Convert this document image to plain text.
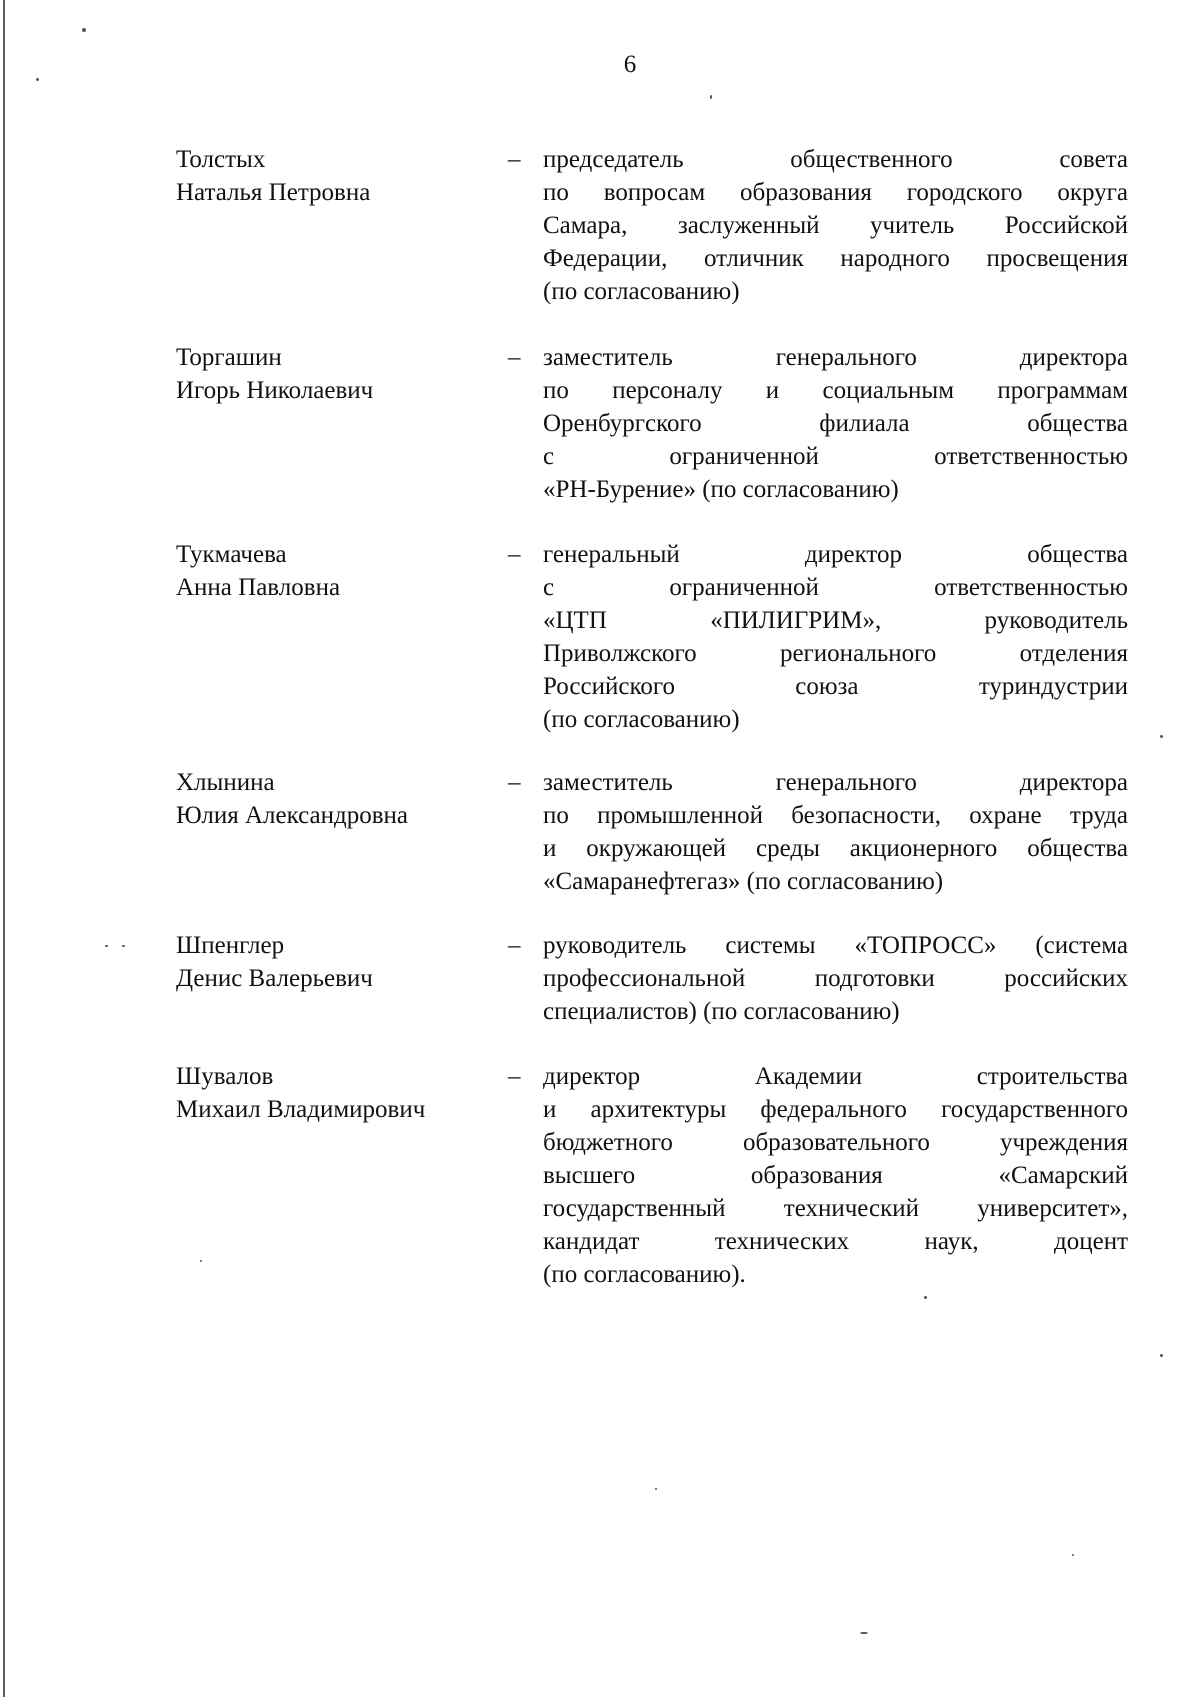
6
Толстых
Наталья Петровна
– председатель общественного совета
по вопросам образования городского округа
Самара, заслуженный учитель Российской
Федерации, отличник народного просвещения
(по согласованию)
Торгашин
Игорь Николаевич
– заместитель генерального директора
по персоналу и социальным программам
Оренбургского филиала общества
с ограниченной ответственностью
«РН-Бурение» (по согласованию)
Тукмачева
Анна Павловна
– генеральный директор общества
с ограниченной ответственностью
«ЦТП «ПИЛИГРИМ», руководитель
Приволжского регионального отделения
Российского союза туриндустрии
(по согласованию)
Хлынина
Юлия Александровна
– заместитель генерального директора
по промышленной безопасности, охране труда
и окружающей среды акционерного общества
«Самаранефтегаз» (по согласованию)
Шпенглер
Денис Валерьевич
– руководитель системы «ТОПРОСС» (система
профессиональной подготовки российских
специалистов) (по согласованию)
Шувалов
Михаил Владимирович
– директор Академии строительства
и архитектуры федерального государственного
бюджетного образовательного учреждения
высшего образования «Самарский
государственный технический университет»,
кандидат технических наук, доцент
(по согласованию).
